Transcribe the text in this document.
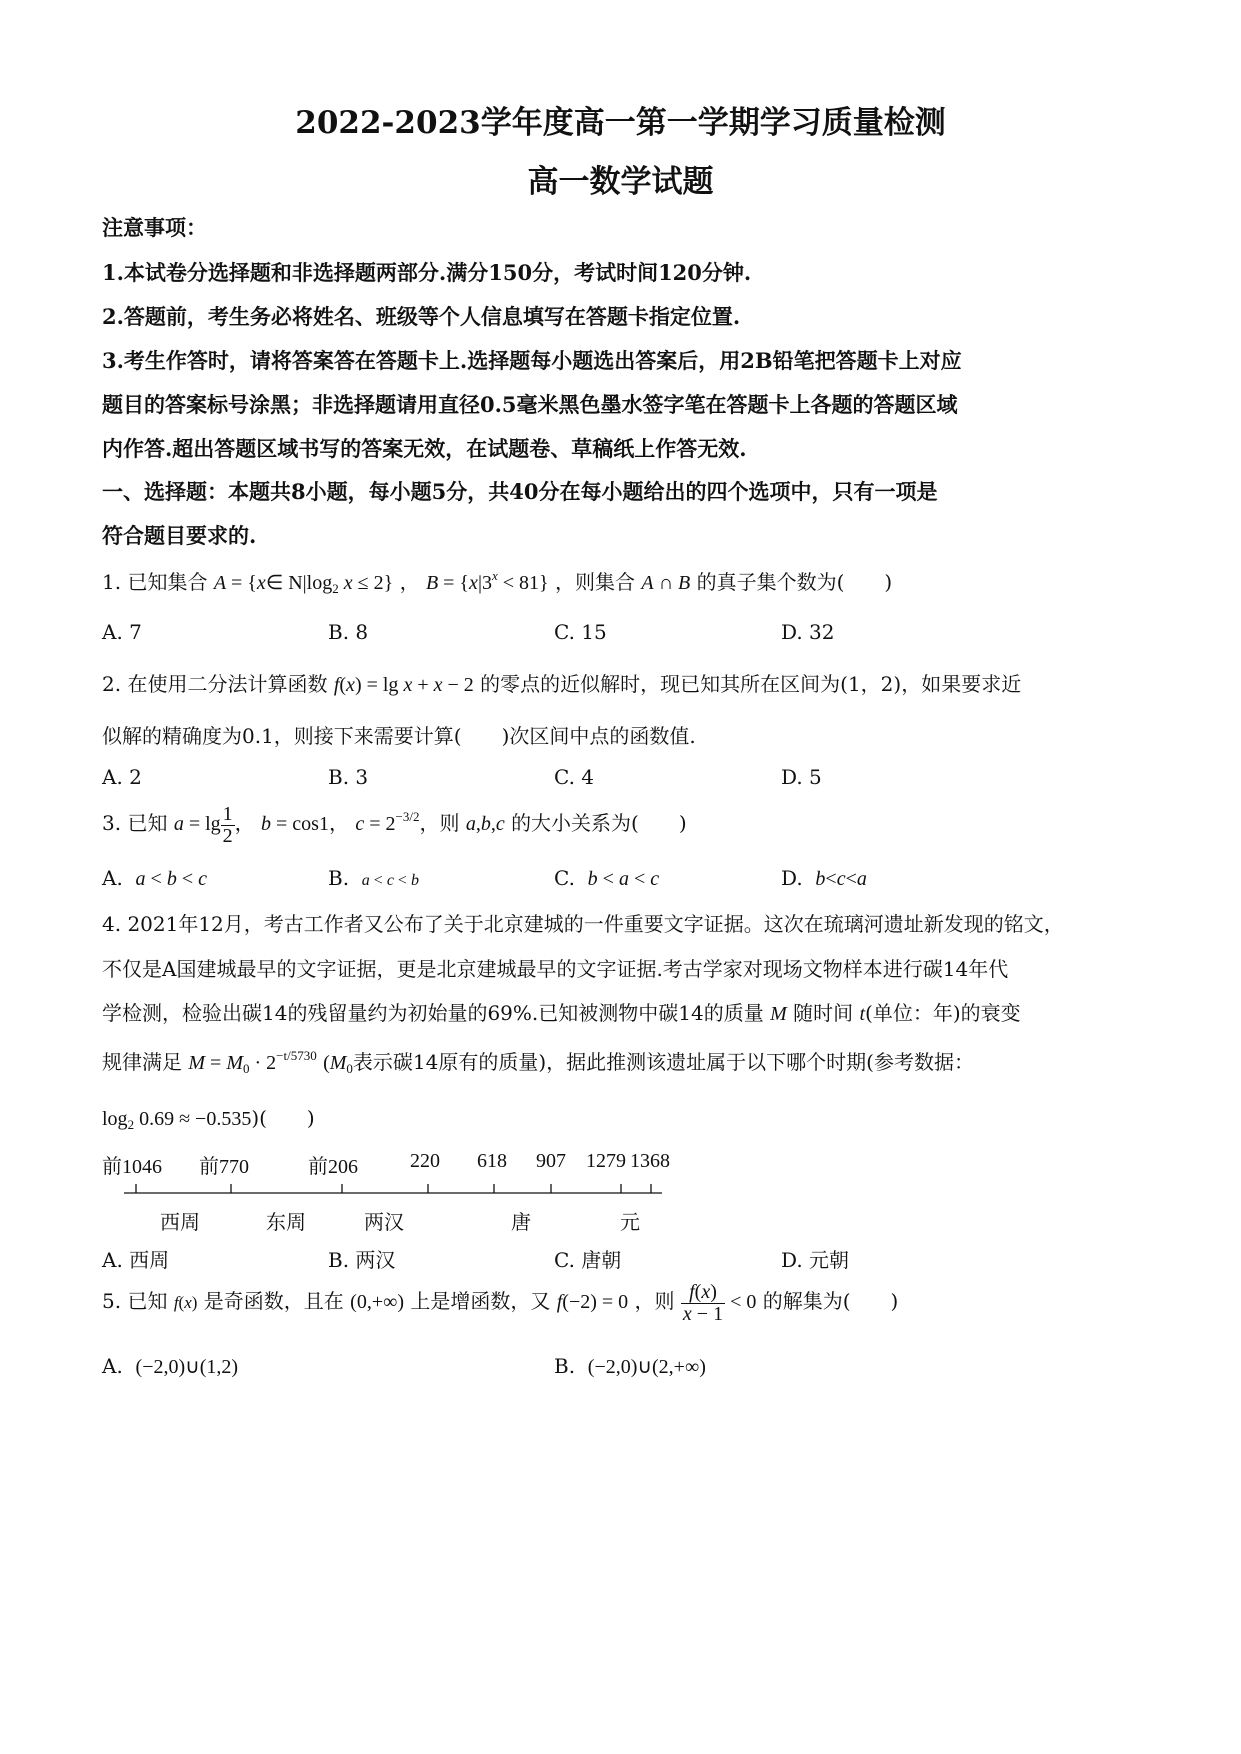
2022-2023学年度高一第一学期学习质量检测
高一数学试题
注意事项：
1.本试卷分选择题和非选择题两部分.满分150分，考试时间120分钟.
2.答题前，考生务必将姓名、班级等个人信息填写在答题卡指定位置.
3.考生作答时，请将答案答在答题卡上.选择题每小题选出答案后，用2B铅笔把答题卡上对应
题目的答案标号涂黑；非选择题请用直径0.5毫米黑色墨水签字笔在答题卡上各题的答题区域
内作答.超出答题区域书写的答案无效，在试题卷、草稿纸上作答无效.
一、选择题：本题共8小题，每小题5分，共40分在每小题给出的四个选项中，只有一项是
符合题目要求的.
1. 已知集合 A = {x∈ $N|\log_2$ x ≤ 2} ， $B = \{x|3^x < 81\}$ ，则集合 A ∩ B 的真子集个数为(　　)
A. 7	B. 8	C. 15	D. 32
2. 在使用二分法计算函数 f(x) = lg x + x − 2 的零点的近似解时，现已知其所在区间为(1，2)，如果要求近
似解的精确度为0.1，则接下来需要计算(　　)次区间中点的函数值.
A. 2	B. 3	C. 4	D. 5
3. 已知 $a = \lg \frac{1}{2}$ ， b = cos1， $c = 2^{-3/2}$，则 a,b,c 的大小关系为(　　)
A. a < b < c	B. a < c < b	C. b < a < c	D. b<c<a
4. 2021年12月，考古工作者又公布了关于北京建城的一件重要文字证据。这次在琉璃河遗址新发现的铭文，
不仅是A国建城最早的文字证据，更是北京建城最早的文字证据.考古学家对现场文物样本进行碳14年代
学检测，检验出碳14的残留量约为初始量的69%.已知被测物中碳14的质量 M 随时间 t(单位：年)的衰变
规律满足 $M = M_0 \cdot 2^{-t/5730}$ ($M_0$表示碳14原有的质量)，据此推测该遗址属于以下哪个时期(参考数据：
$\log_2 0.69 \approx -0.535$)(　　)
前1046 前770	前206	220 618 907 1279 1368
西周	东周	两汉	唐	元
A. 西周	B. 两汉	C. 唐朝	D. 元朝
5. 已知 f(x) 是奇函数，且在 (0,+∞) 上是增函数，又 f(−2) = 0 ，则 $\frac{f(x)}{x - 1} < 0$ 的解集为(　　)
A. (−2,0)∪(1,2)	B. (−2,0)∪(2,+∞)
